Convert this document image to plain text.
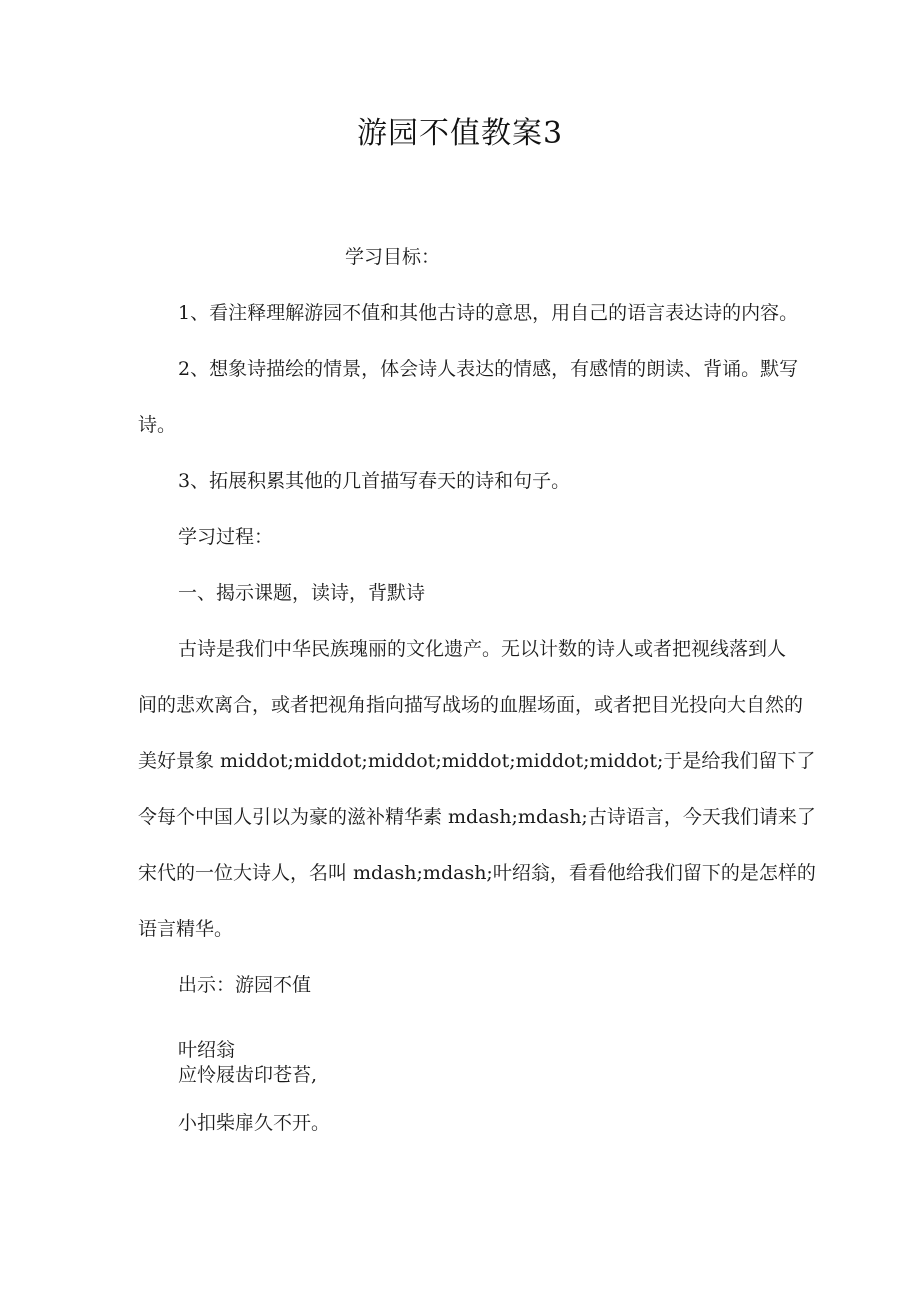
游园不值教案3
学习目标：
1、看注释理解游园不值和其他古诗的意思，用自己的语言表达诗的内容。
2、想象诗描绘的情景，体会诗人表达的情感，有感情的朗读、背诵。默写
诗。
3、拓展积累其他的几首描写春天的诗和句子。
学习过程：
一、揭示课题，读诗，背默诗
古诗是我们中华民族瑰丽的文化遗产。无以计数的诗人或者把视线落到人
间的悲欢离合，或者把视角指向描写战场的血腥场面，或者把目光投向大自然的
美好景象 middot;middot;middot;middot;middot;middot;于是给我们留下了
令每个中国人引以为豪的滋补精华素 mdash;mdash;古诗语言，今天我们请来了
宋代的一位大诗人，名叫 mdash;mdash;叶绍翁，看看他给我们留下的是怎样的
语言精华。
出示：游园不值
叶绍翁
应怜屐齿印苍苔,
小扣柴扉久不开。
